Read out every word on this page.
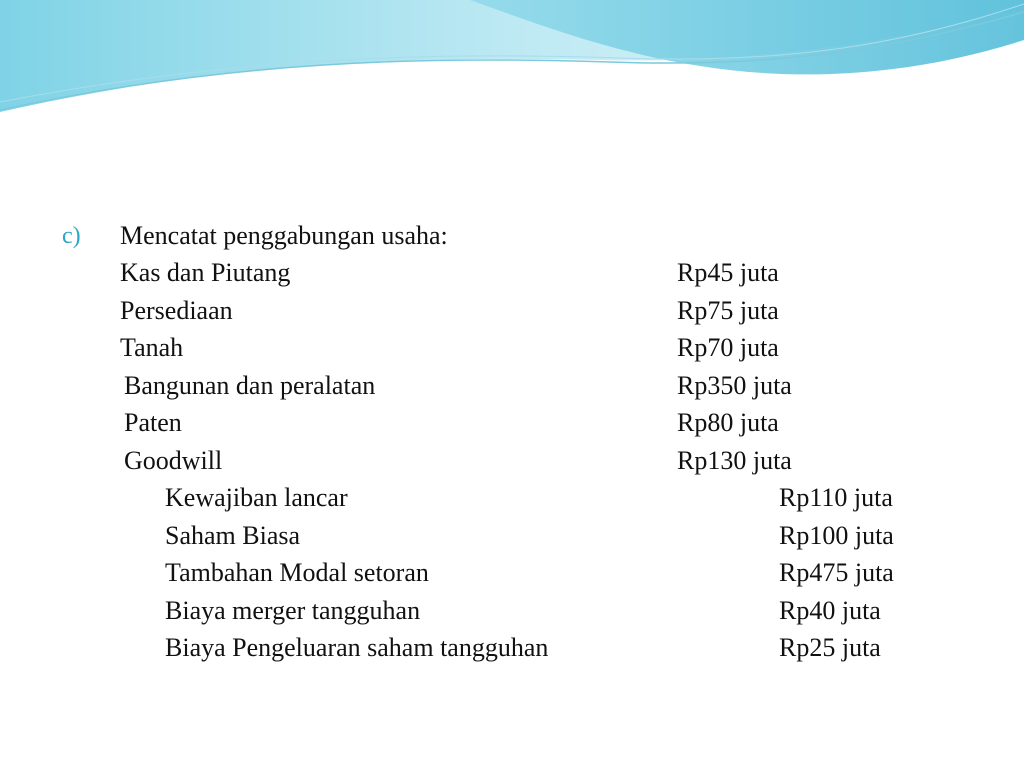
c) Mencatat penggabungan usaha:
Kas dan Piutang	Rp45 juta
Persediaan	Rp75 juta
Tanah	Rp70 juta
Bangunan dan peralatan	Rp350 juta
Paten	Rp80 juta
Goodwill	Rp130 juta
Kewajiban lancar	Rp110 juta
Saham Biasa	Rp100 juta
Tambahan Modal setoran	Rp475 juta
Biaya merger tangguhan	Rp40 juta
Biaya Pengeluaran saham tangguhan	Rp25 juta
